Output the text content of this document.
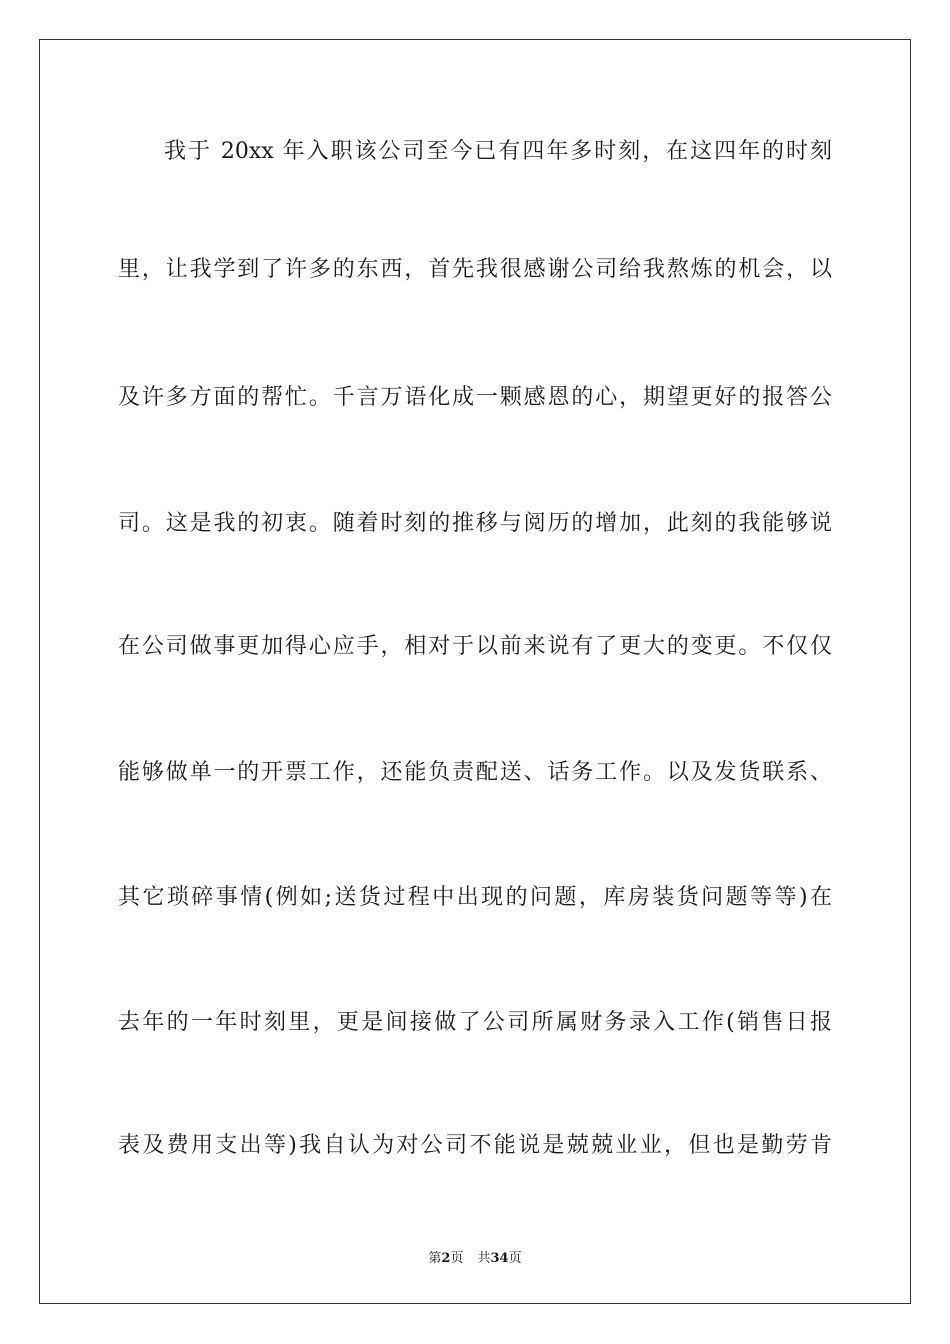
我于 20xx 年入职该公司至今已有四年多时刻，在这四年的时刻
里，让我学到了许多的东西，首先我很感谢公司给我熬炼的机会，以
及许多方面的帮忙。千言万语化成一颗感恩的心，期望更好的报答公
司。这是我的初衷。随着时刻的推移与阅历的增加，此刻的我能够说
在公司做事更加得心应手，相对于以前来说有了更大的变更。不仅仅
能够做单一的开票工作，还能负责配送、话务工作。以及发货联系、
其它琐碎事情(例如;送货过程中出现的问题，库房装货问题等等)在
去年的一年时刻里，更是间接做了公司所属财务录入工作(销售日报
表及费用支出等)我自认为对公司不能说是兢兢业业，但也是勤劳肯
第2页 共34页
